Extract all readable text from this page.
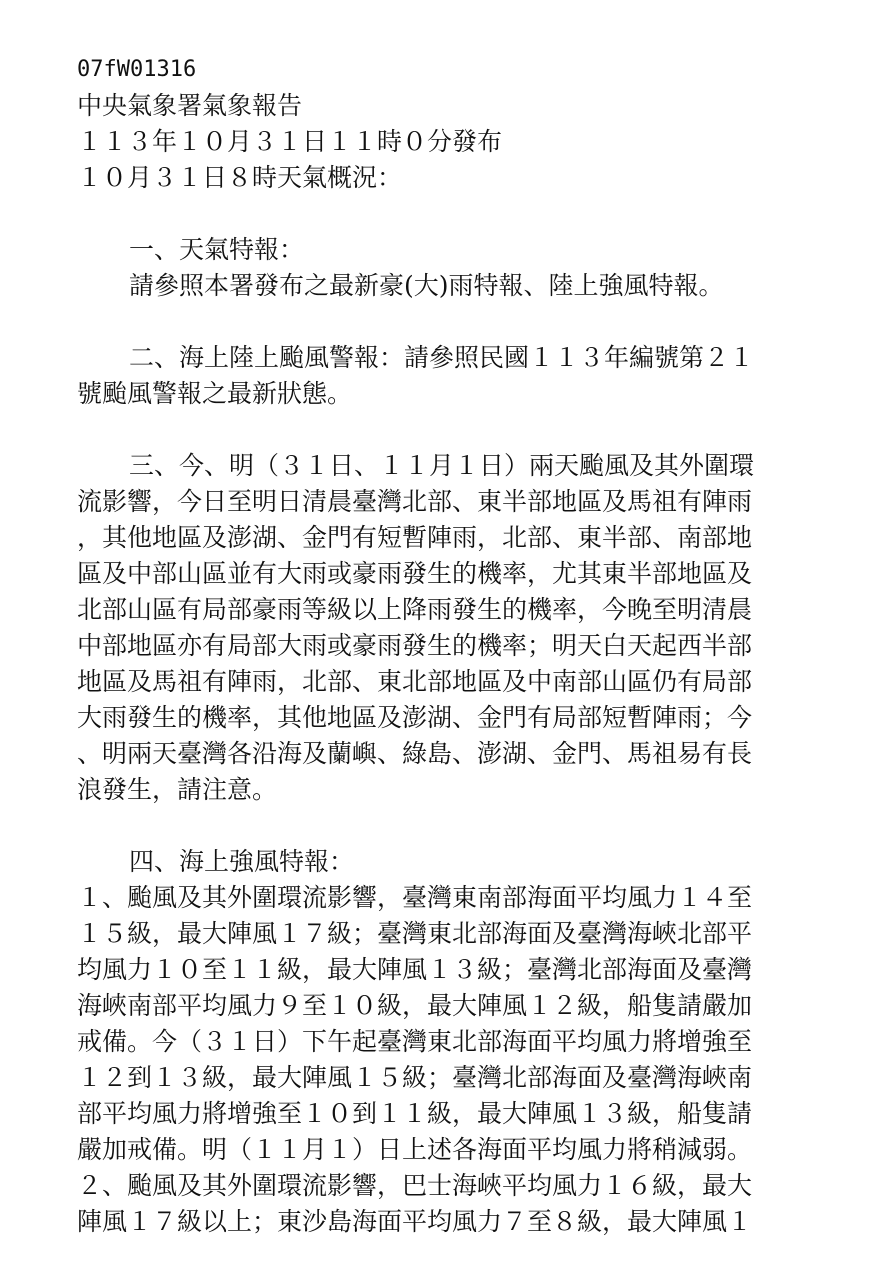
07fW01316
中央氣象署氣象報告
１１３年１０月３１日１１時０分發布
１０月３１日８時天氣概況：
一、天氣特報：
請參照本署發布之最新豪(大)雨特報、陸上強風特報。
二、海上陸上颱風警報：請參照民國１１３年編號第２１
號颱風警報之最新狀態。
三、今、明（３１日、１１月１日）兩天颱風及其外圍環
流影響，今日至明日清晨臺灣北部、東半部地區及馬祖有陣雨
，其他地區及澎湖、金門有短暫陣雨，北部、東半部、南部地
區及中部山區並有大雨或豪雨發生的機率，尤其東半部地區及
北部山區有局部豪雨等級以上降雨發生的機率，今晚至明清晨
中部地區亦有局部大雨或豪雨發生的機率；明天白天起西半部
地區及馬祖有陣雨，北部、東北部地區及中南部山區仍有局部
大雨發生的機率，其他地區及澎湖、金門有局部短暫陣雨；今
、明兩天臺灣各沿海及蘭嶼、綠島、澎湖、金門、馬祖易有長
浪發生，請注意。
四、海上強風特報：
１、颱風及其外圍環流影響，臺灣東南部海面平均風力１４至
１５級，最大陣風１７級；臺灣東北部海面及臺灣海峽北部平
均風力１０至１１級，最大陣風１３級；臺灣北部海面及臺灣
海峽南部平均風力９至１０級，最大陣風１２級，船隻請嚴加
戒備。今（３１日）下午起臺灣東北部海面平均風力將增強至
１２到１３級，最大陣風１５級；臺灣北部海面及臺灣海峽南
部平均風力將增強至１０到１１級，最大陣風１３級，船隻請
嚴加戒備。明（１１月１）日上述各海面平均風力將稍減弱。
２、颱風及其外圍環流影響，巴士海峽平均風力１６級，最大
陣風１７級以上；東沙島海面平均風力７至８級，最大陣風１
